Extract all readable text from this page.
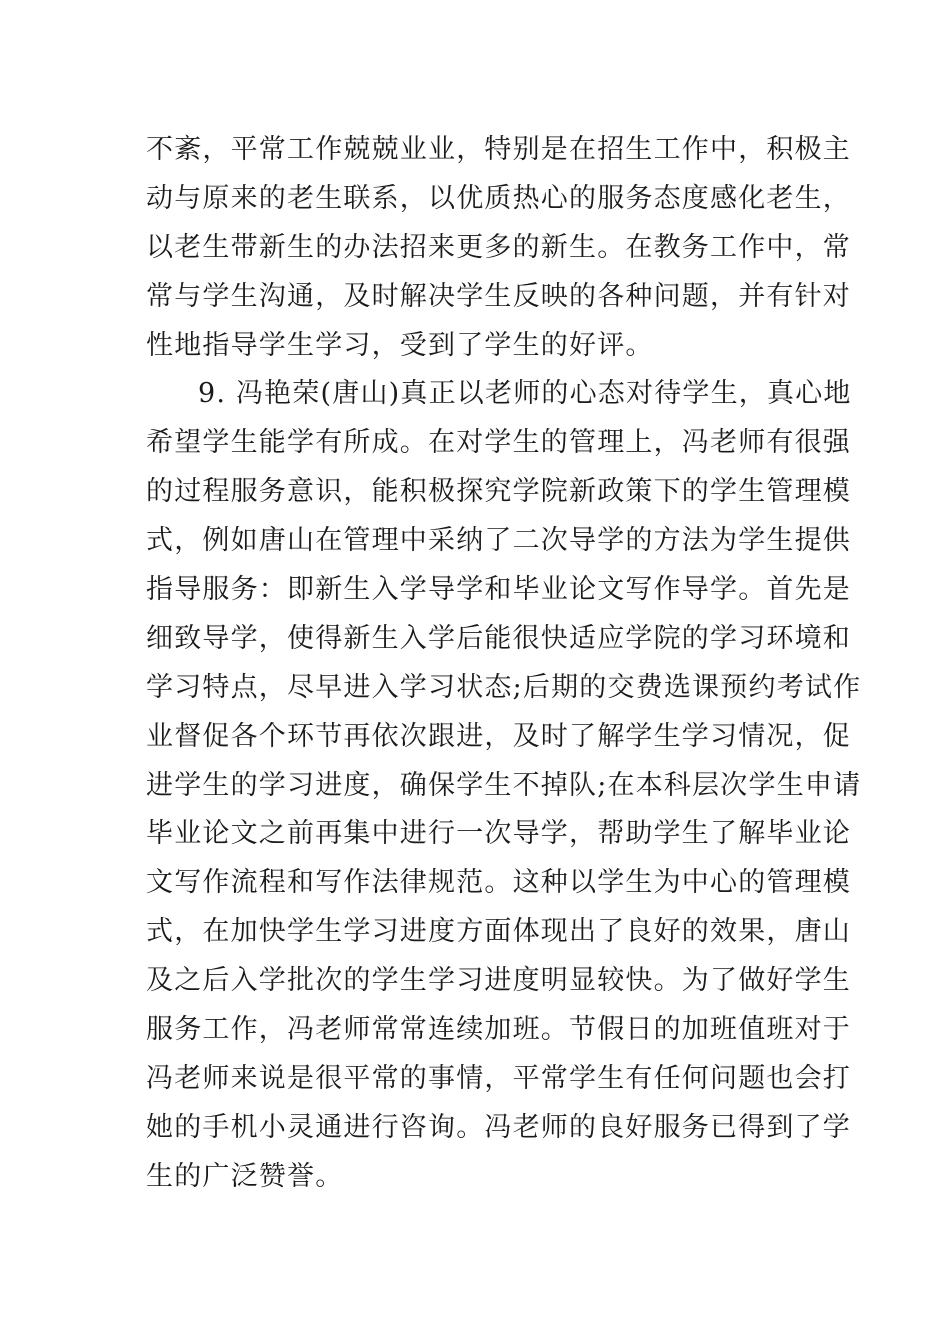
不紊，平常工作兢兢业业，特别是在招生工作中，积极主
动与原来的老生联系，以优质热心的服务态度感化老生，
以老生带新生的办法招来更多的新生。在教务工作中，常
常与学生沟通，及时解决学生反映的各种问题，并有针对
性地指导学生学习，受到了学生的好评。
9. 冯艳荣(唐山)真正以老师的心态对待学生，真心地
希望学生能学有所成。在对学生的管理上，冯老师有很强
的过程服务意识，能积极探究学院新政策下的学生管理模
式，例如唐山在管理中采纳了二次导学的方法为学生提供
指导服务：即新生入学导学和毕业论文写作导学。首先是
细致导学，使得新生入学后能很快适应学院的学习环境和
学习特点，尽早进入学习状态;后期的交费选课预约考试作
业督促各个环节再依次跟进，及时了解学生学习情况，促
进学生的学习进度，确保学生不掉队;在本科层次学生申请
毕业论文之前再集中进行一次导学，帮助学生了解毕业论
文写作流程和写作法律规范。这种以学生为中心的管理模
式，在加快学生学习进度方面体现出了良好的效果，唐山
及之后入学批次的学生学习进度明显较快。为了做好学生
服务工作，冯老师常常连续加班。节假日的加班值班对于
冯老师来说是很平常的事情，平常学生有任何问题也会打
她的手机小灵通进行咨询。冯老师的良好服务已得到了学
生的广泛赞誉。
